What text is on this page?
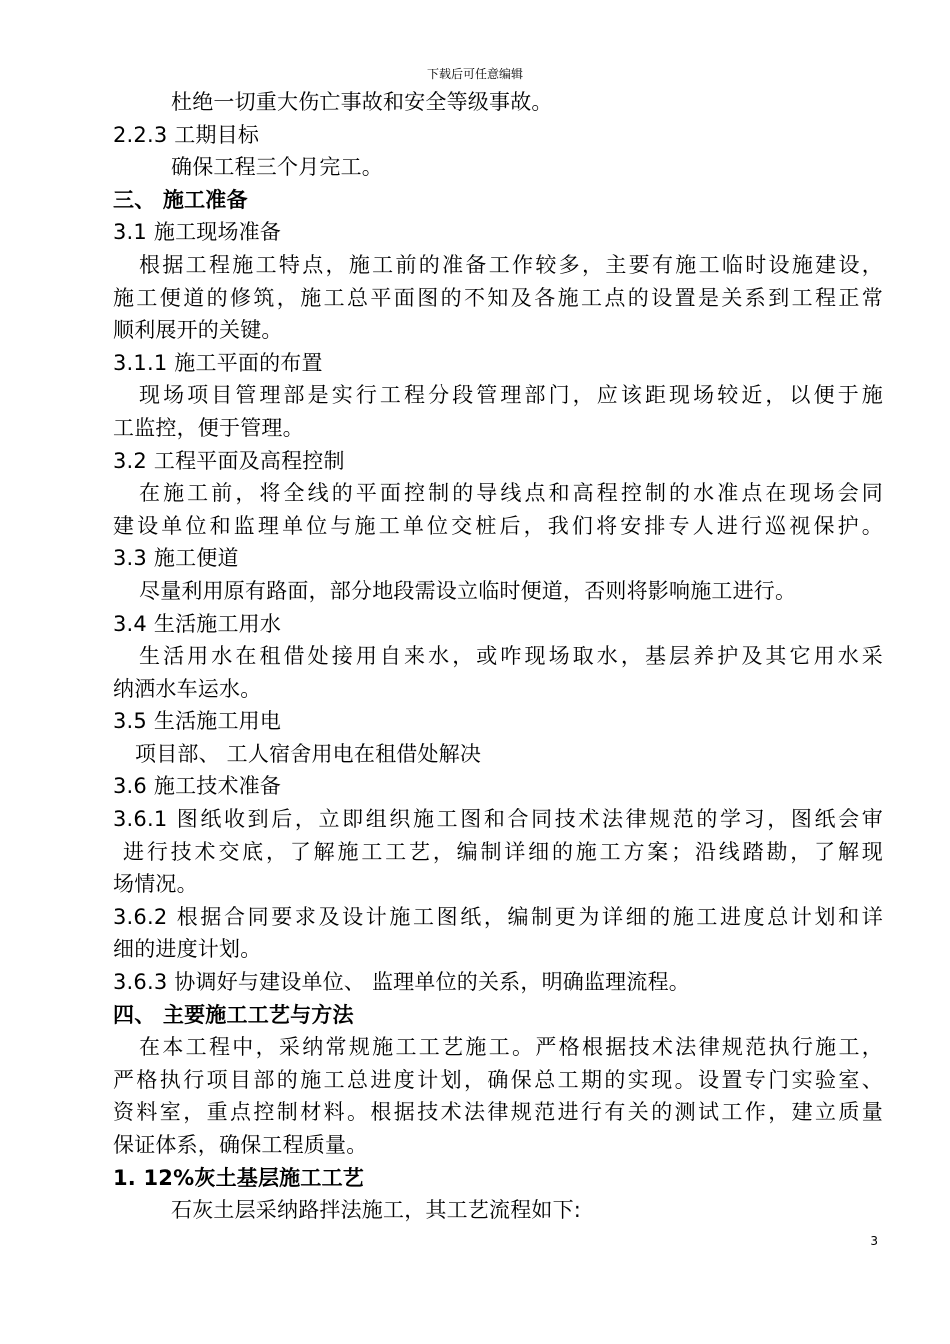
下载后可任意编辑
杜绝一切重大伤亡事故和安全等级事故。
2.2.3 工期目标
确保工程三个月完工。
三、 施工准备
3.1 施工现场准备
根据工程施工特点，施工前的准备工作较多，主要有施工临时设施建设，
施工便道的修筑，施工总平面图的不知及各施工点的设置是关系到工程正常
顺利展开的关键。
3.1.1 施工平面的布置
现场项目管理部是实行工程分段管理部门，应该距现场较近，以便于施
工监控，便于管理。
3.2 工程平面及高程控制
在施工前，将全线的平面控制的导线点和高程控制的水准点在现场会同
建设单位和监理单位与施工单位交桩后，我们将安排专人进行巡视保护。
3.3 施工便道
尽量利用原有路面，部分地段需设立临时便道，否则将影响施工进行。
3.4 生活施工用水
生活用水在租借处接用自来水，或咋现场取水，基层养护及其它用水采
纳洒水车运水。
3.5 生活施工用电
项目部、 工人宿舍用电在租借处解决
3.6 施工技术准备
3.6.1 图纸收到后，立即组织施工图和合同技术法律规范的学习，图纸会审
进行技术交底，了解施工工艺，编制详细的施工方案；沿线踏勘，了解现
场情况。
3.6.2 根据合同要求及设计施工图纸，编制更为详细的施工进度总计划和详
细的进度计划。
3.6.3 协调好与建设单位、 监理单位的关系，明确监理流程。
四、 主要施工工艺与方法
在本工程中，采纳常规施工工艺施工。严格根据技术法律规范执行施工，
严格执行项目部的施工总进度计划，确保总工期的实现。设置专门实验室、
资料室，重点控制材料。根据技术法律规范进行有关的测试工作，建立质量
保证体系，确保工程质量。
1. 12%灰土基层施工工艺
石灰土层采纳路拌法施工，其工艺流程如下:
3
